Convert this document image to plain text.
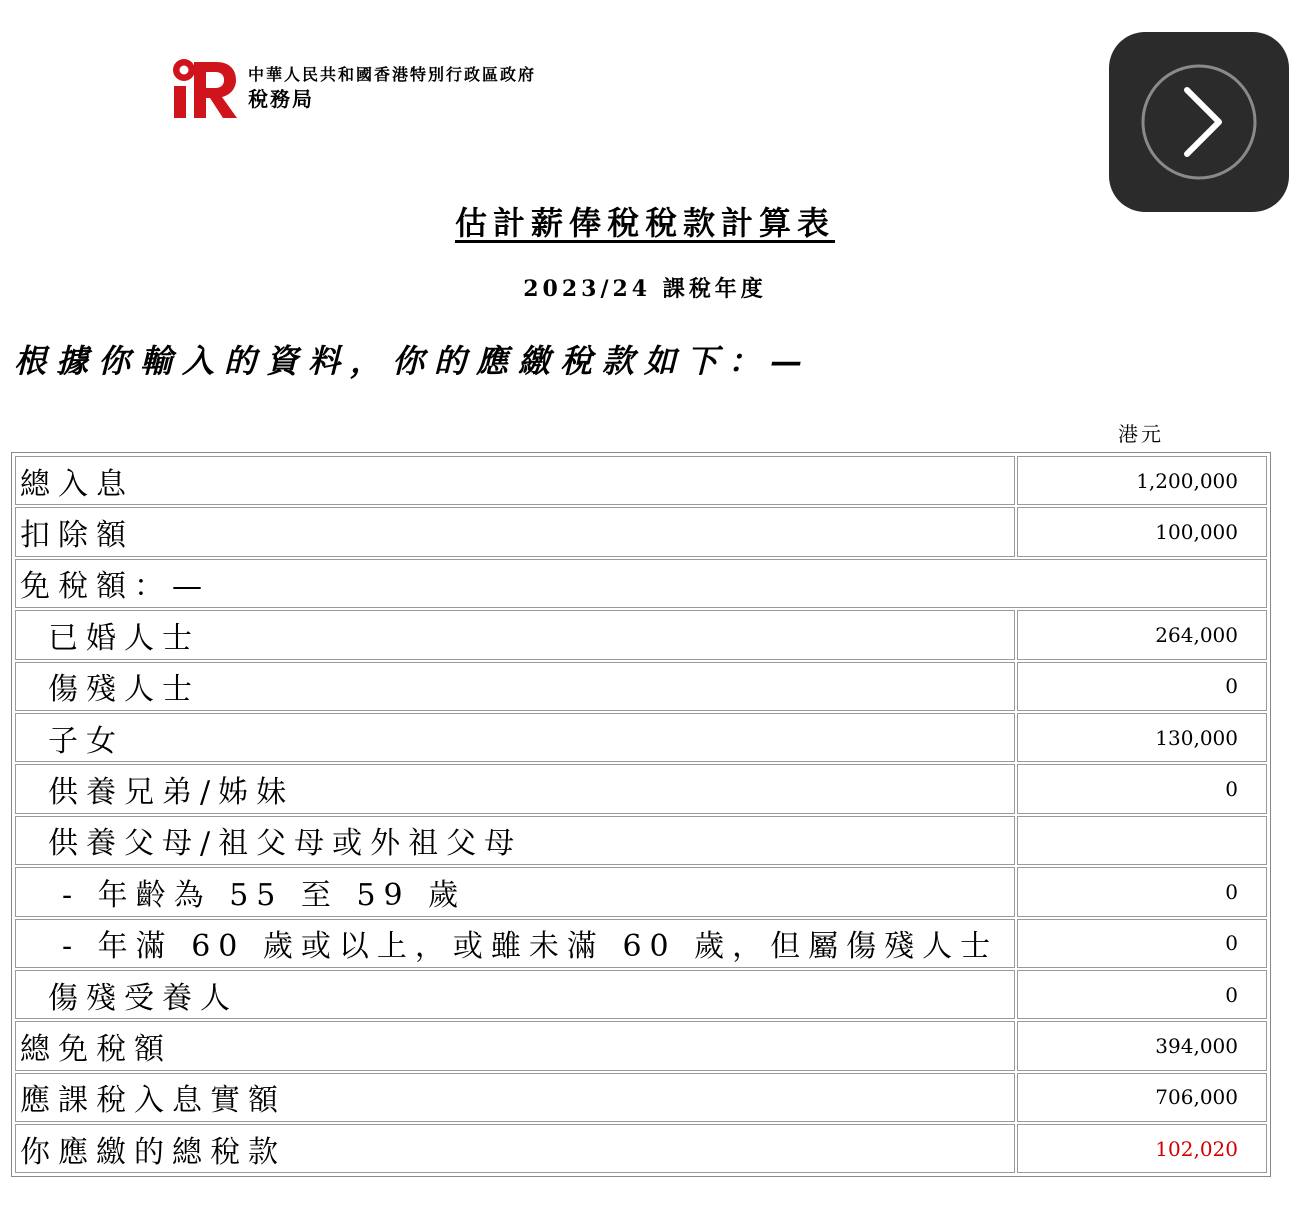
中華人民共和國香港特別行政區政府
稅務局
估計薪俸稅稅款計算表
2023/24 課稅年度
根據你輸入的資料，你的應繳稅款如下：—
港元
總入息	1,200,000
扣除額	100,000
免稅額：—
已婚人士	264,000
傷殘人士	0
子女	130,000
供養兄弟/姊妹	0
供養父母/祖父母或外祖父母
- 年齡為 55 至 59 歲	0
- 年滿 60 歲或以上，或雖未滿 60 歲，但屬傷殘人士	0
傷殘受養人	0
總免稅額	394,000
應課稅入息實額	706,000
你應繳的總稅款	102,020
